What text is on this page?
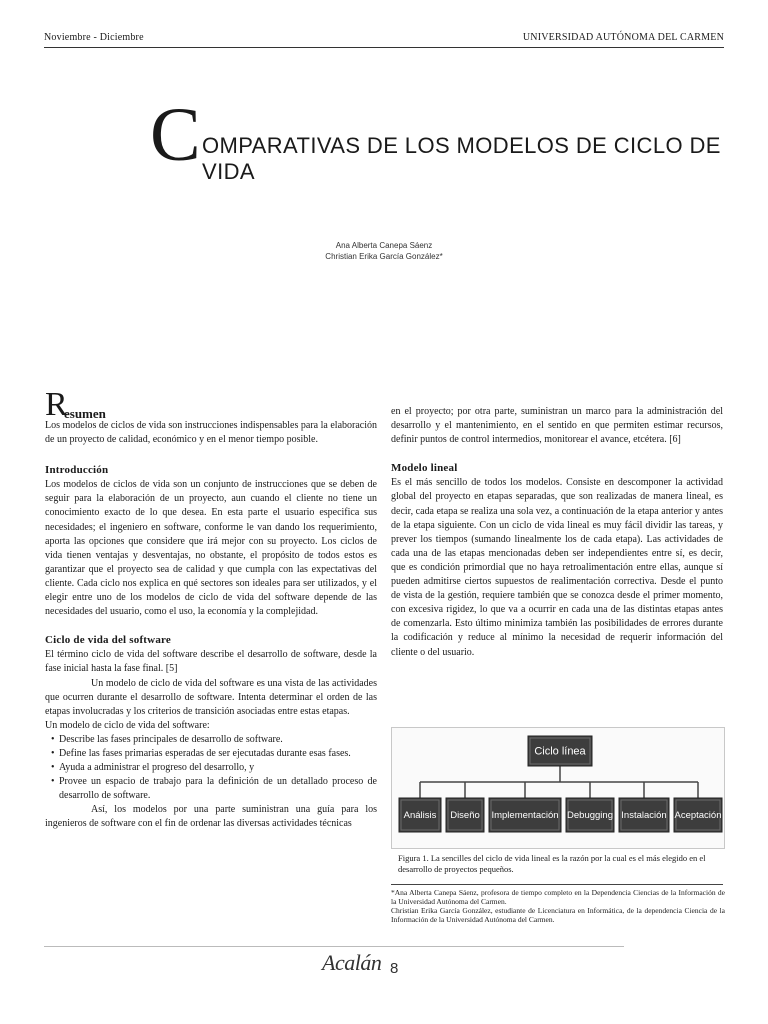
Noviembre - Diciembre	UNIVERSIDAD AUTÓNOMA DEL CARMEN
C OMPARATIVAS DE LOS MODELOS DE CICLO DE VIDA
Ana Alberta Canepa Sáenz
Christian Erika García González*
R
esumen

Los modelos de ciclos de vida son instrucciones indispensables para la elaboración de un proyecto de calidad, económico y en el menor tiempo posible.

Introducción

Los modelos de ciclos de vida son un conjunto de instrucciones que se deben de seguir para la elaboración de un proyecto, aun cuando el cliente no tiene un conocimiento exacto de lo que desea. En esta parte el usuario especifica sus necesidades; el ingeniero en software, conforme le van dando los requerimiento, aporta las opciones que considere que irá mejor con su proyecto. Los ciclos de vida tienen ventajas y desventajas, no obstante, el propósito de todos estos es garantizar que el proyecto sea de calidad y que cumpla con las expectativas del cliente. Cada ciclo nos explica en qué sectores son ideales para ser utilizados, y el elegir entre uno de los modelos de ciclo de vida del software depende de las necesidades del usuario, como el uso, la economía y la complejidad.

Ciclo de vida del software

El término ciclo de vida del software describe el desarrollo de software, desde la fase inicial hasta la fase final. [5]

Un modelo de ciclo de vida del software es una vista de las actividades que ocurren durante el desarrollo de software. Intenta determinar el orden de las etapas involucradas y los criterios de transición asociadas entre estas etapas.

Un modelo de ciclo de vida del software:

• Describe las fases principales de desarrollo de software.
• Define las fases primarias esperadas de ser ejecutadas durante esas fases.
• Ayuda a administrar el progreso del desarrollo, y
• Provee un espacio de trabajo para la definición de un detallado proceso de desarrollo de software.

Así, los modelos por una parte suministran una guía para los ingenieros de software con el fin de ordenar las diversas actividades técnicas

en el proyecto; por otra parte, suministran un marco para la administración del desarrollo y el mantenimiento, en el sentido en que permiten estimar recursos, definir puntos de control intermedios, monitorear el avance, etcétera. [6]

Modelo lineal

Es el más sencillo de todos los modelos. Consiste en descomponer la actividad global del proyecto en etapas separadas, que son realizadas de manera lineal, es decir, cada etapa se realiza una sola vez, a continuación de la etapa anterior y antes de la etapa siguiente. Con un ciclo de vida lineal es muy fácil dividir las tareas, y prever los tiempos (sumando linealmente los de cada etapa). Las actividades de cada una de las etapas mencionadas deben ser independientes entre sí, es decir, que es condición primordial que no haya retroalimentación entre ellas, aunque sí pueden admitirse ciertos supuestos de realimentación correctiva. Desde el punto de vista de la gestión, requiere también que se conozca desde el primer momento, con excesiva rigidez, lo que va a ocurrir en cada una de las distintas etapas antes de comenzarla. Esto último minimiza también las posibilidades de errores durante la codificación y reduce al mínimo la necesidad de requerir información del cliente o del usuario.

Ciclo línea
Análisis Diseño Implementación Debugging Instalación Aceptación
Figura 1. La sencilles del ciclo de vida lineal es la razón por la cual es el más elegido en el desarrollo de proyectos pequeños.
*Ana Alberta Canepa Sáenz, profesora de tiempo completo en la Dependencia Ciencias de la Información de la Universidad Autónoma del Carmen.
Christian Erika García González, estudiante de Licenciatura en Informática, de la dependencia Ciencia de la Información de la Universidad Autónoma del Carmen.
Acalán 8
